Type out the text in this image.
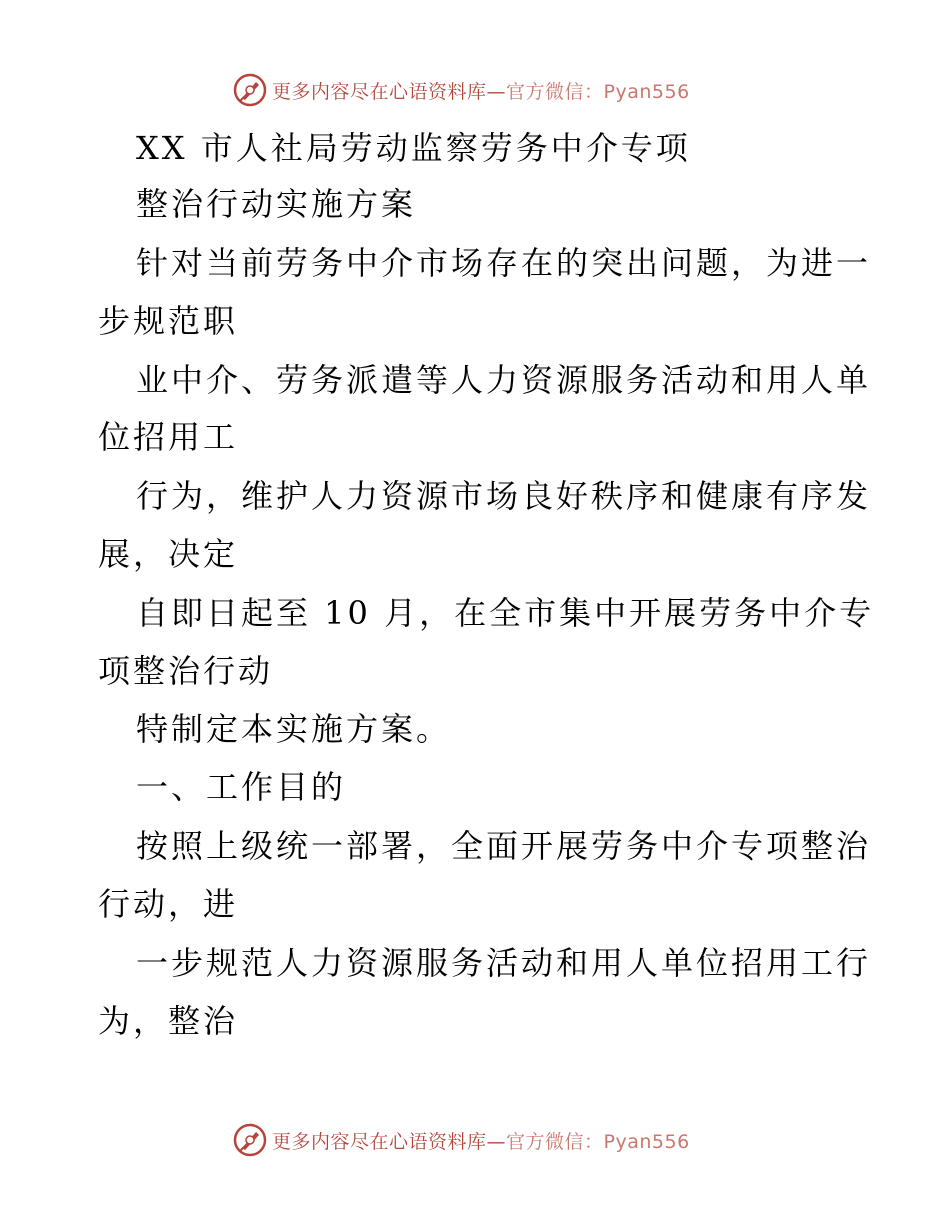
更多内容尽在心语资料库—官方微信：Pyan556
XX 市人社局劳动监察劳务中介专项
整治行动实施方案
针对当前劳务中介市场存在的突出问题，为进一
步规范职
业中介、劳务派遣等人力资源服务活动和用人单
位招用工
行为，维护人力资源市场良好秩序和健康有序发
展，决定
自即日起至 10 月，在全市集中开展劳务中介专
项整治行动
特制定本实施方案。
一、工作目的
按照上级统一部署，全面开展劳务中介专项整治
行动，进
一步规范人力资源服务活动和用人单位招用工行
为，整治
更多内容尽在心语资料库—官方微信：Pyan556
